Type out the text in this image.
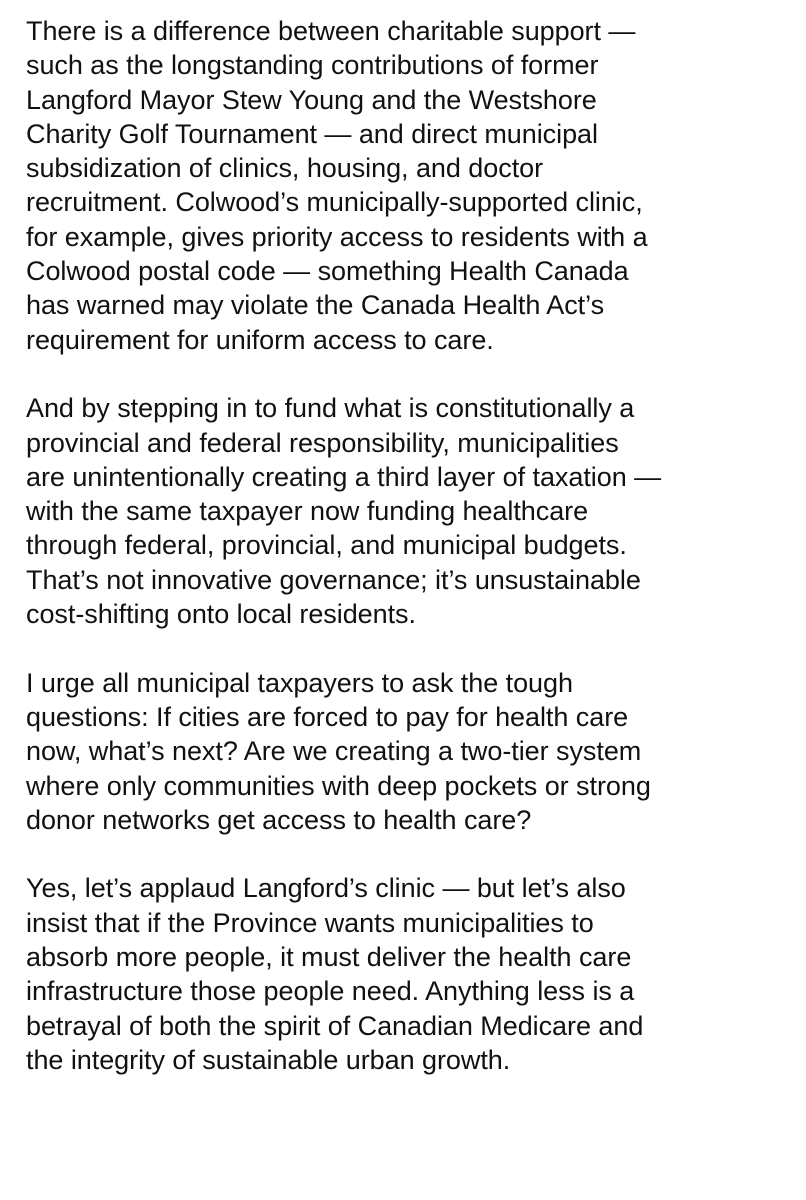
There is a difference between charitable support —
such as the longstanding contributions of former
Langford Mayor Stew Young and the Westshore
Charity Golf Tournament — and direct municipal
subsidization of clinics, housing, and doctor
recruitment. Colwood’s municipally-supported clinic,
for example, gives priority access to residents with a
Colwood postal code — something Health Canada
has warned may violate the Canada Health Act’s
requirement for uniform access to care.

And by stepping in to fund what is constitutionally a
provincial and federal responsibility, municipalities
are unintentionally creating a third layer of taxation —
with the same taxpayer now funding healthcare
through federal, provincial, and municipal budgets.
That’s not innovative governance; it’s unsustainable
cost-shifting onto local residents.

I urge all municipal taxpayers to ask the tough
questions: If cities are forced to pay for health care
now, what’s next? Are we creating a two-tier system
where only communities with deep pockets or strong
donor networks get access to health care?

Yes, let’s applaud Langford’s clinic — but let’s also
insist that if the Province wants municipalities to
absorb more people, it must deliver the health care
infrastructure those people need. Anything less is a
betrayal of both the spirit of Canadian Medicare and
the integrity of sustainable urban growth.
